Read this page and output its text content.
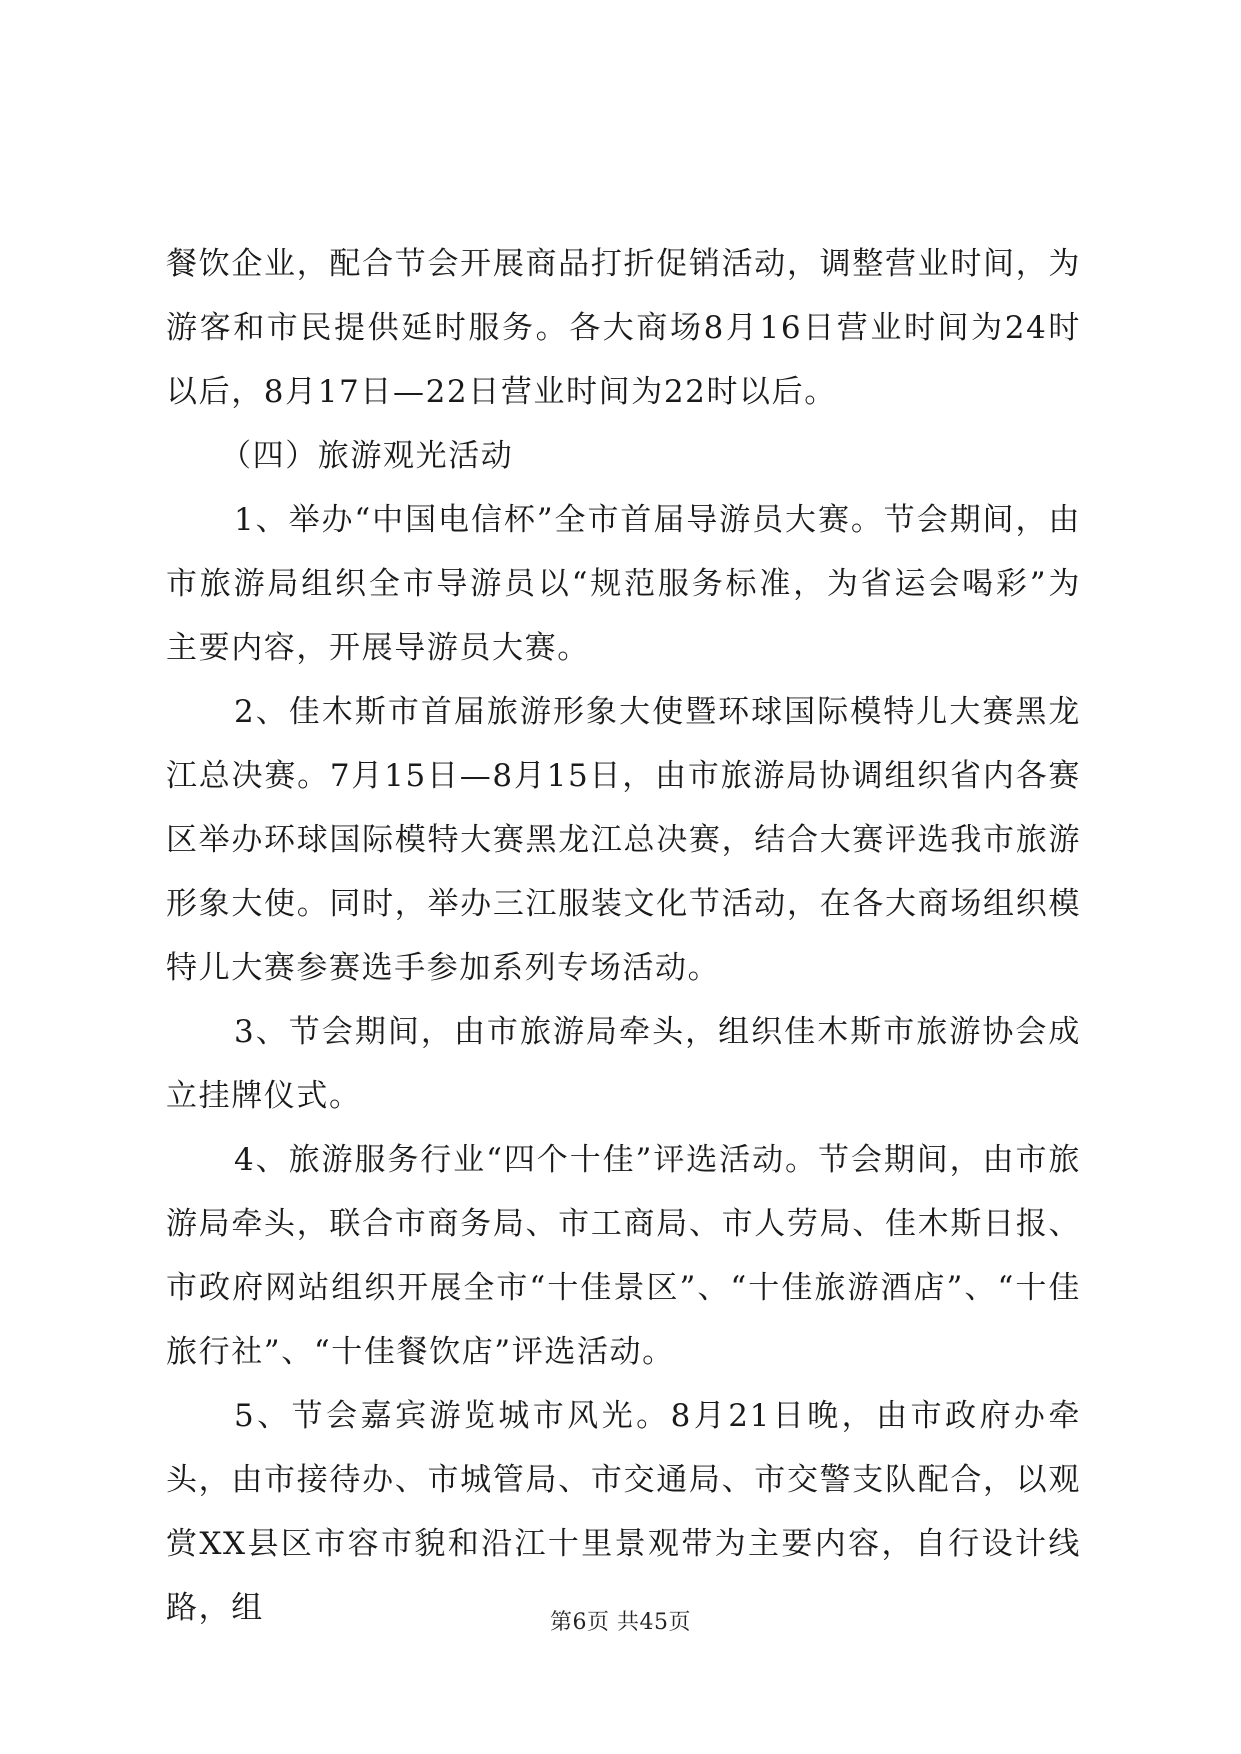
餐饮企业，配合节会开展商品打折促销活动，调整营业时间，为游客和市民提供延时服务。各大商场8月16日营业时间为24时以后，8月17日—22日营业时间为22时以后。

（四）旅游观光活动

1、举办“中国电信杯”全市首届导游员大赛。节会期间，由市旅游局组织全市导游员以“规范服务标准，为省运会喝彩”为主要内容，开展导游员大赛。

2、佳木斯市首届旅游形象大使暨环球国际模特儿大赛黑龙江总决赛。7月15日—8月15日，由市旅游局协调组织省内各赛区举办环球国际模特大赛黑龙江总决赛，结合大赛评选我市旅游形象大使。同时，举办三江服装文化节活动，在各大商场组织模特儿大赛参赛选手参加系列专场活动。

3、节会期间，由市旅游局牵头，组织佳木斯市旅游协会成立挂牌仪式。

4、旅游服务行业“四个十佳”评选活动。节会期间，由市旅游局牵头，联合市商务局、市工商局、市人劳局、佳木斯日报、市政府网站组织开展全市“十佳景区”、“十佳旅游酒店”、“十佳旅行社”、“十佳餐饮店”评选活动。

5、节会嘉宾游览城市风光。8月21日晚，由市政府办牵头，由市接待办、市城管局、市交通局、市交警支队配合，以观赏XX县区市容市貌和沿江十里景观带为主要内容，自行设计线路，组	第6页 共45页
